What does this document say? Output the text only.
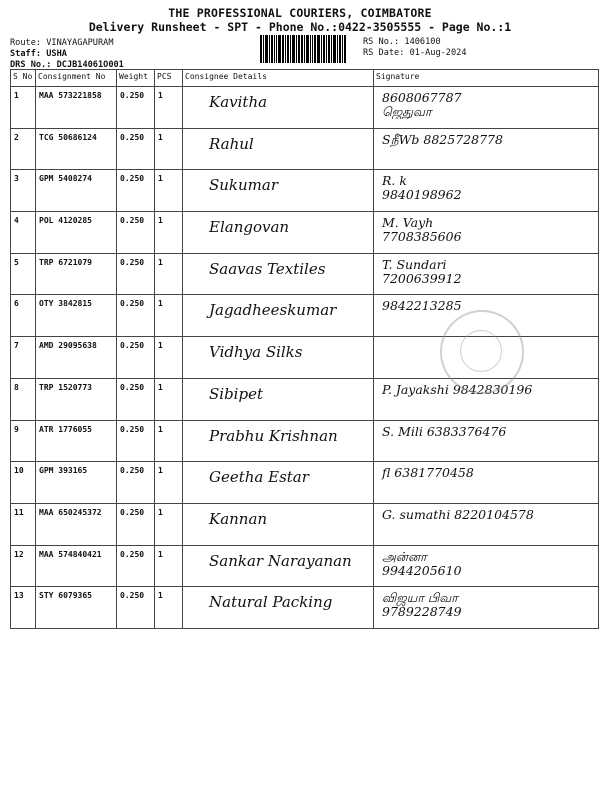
THE PROFESSIONAL COURIERS, COIMBATORE
Delivery Runsheet - SPT - Phone No.:0422-3505555 - Page No.:1
Route: VINAYAGAPURAM
Staff: USHA
DRS No.: DCJB14061O001
RS No.: 1406100
RS Date: 01-Aug-2024
S No	Consignment No	Weight	PCS	Consignee Details	Signature

1	MAA 573221858	0.250	1	Kavitha	8608067787
ஜெதுவா

2	TCG 50686124	0.250	1	Rahul	SநீWb 8825728778

3	GPM 5408274	0.250	1	Sukumar	R. k
9840198962

4	POL 4120285	0.250	1	Elangovan	M. Vayh
7708385606

5	TRP 6721079	0.250	1	Saavas Textiles	T. Sundari
7200639912

6	OTY 3842815	0.250	1	Jagadheeskumar	9842213285

7	AMD 29095638	0.250	1	Vidhya Silks	

8	TRP 1520773	0.250	1	Sibipet	P. Jayakshi 9842830196

9	ATR 1776055	0.250	1	Prabhu Krishnan	S. Mili 6383376476

10	GPM 393165	0.250	1	Geetha Estar	fl 6381770458

11	MAA 650245372	0.250	1	Kannan	G. sumathi 8220104578

12	MAA 574840421	0.250	1	Sankar Narayanan	அன்னா
9944205610

13	STY 6079365	0.250	1	Natural Packing	விஜயா பிவா
9789228749
